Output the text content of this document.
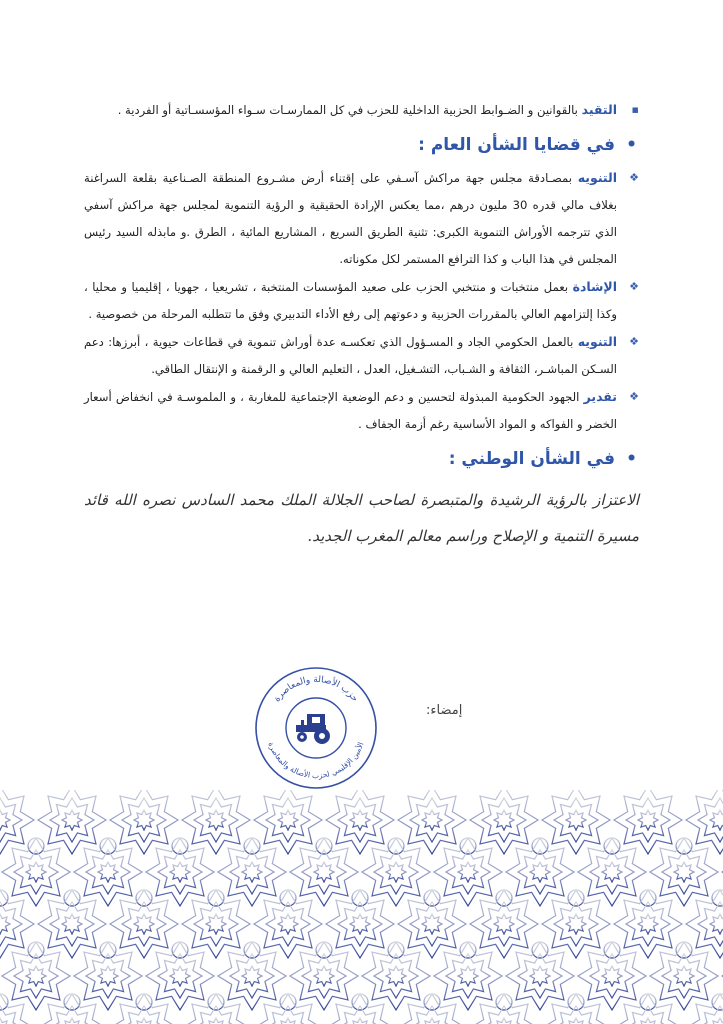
▪
التقيد بالقوانين و الضـوابط الحزبية الداخلية للحزب في كل الممارسـات سـواء المؤسسـاتية أو الفردية .

•
في قضايا الشأن العام :

❖
التنويه بمصـادقة مجلس جهة مراكش آسـفي على إقتناء أرض مشـروع المنطقة الصـناعية بقلعة السراغنة بغلاف مالي قدره 30 مليون درهم ،مما يعكس الإرادة الحقيقية و الرؤية التنموية لمجلس جهة مراكش آسفي الذي تترجمه الأوراش التنموية الكبرى: تثنية الطريق السريع ، المشاريع المائية ، الطرق .و مابذله السيد رئيس المجلس في هذا الباب و كذا الترافع المستمر لكل مكوناته.

❖
الإشادة بعمل منتخبات و منتخبي الحزب على صعيد المؤسسات المنتخبة ، تشريعيا ، جهويا ، إقليميا و محليا ، وكذا إلتزامهم العالي بالمقررات الحزبية و دعوتهم إلى رفع الأداء التدبيري وفق ما تتطلبه المرحلة من خصوصية .

❖
التنويه بالعمل الحكومي الجاد و المسـؤول الذي تعكسـه عدة أوراش تنموية في قطاعات حيوية ، أبرزها: دعم السـكن المباشـر، الثقافة و الشـباب، التشـغيل، العدل ، التعليم العالي و الرقمنة و الإنتقال الطاقي.

❖
تقدير الجهود الحكومية المبذولة لتحسين و دعم الوضعية الإجتماعية للمغاربة ، و الملموسـة في انخفاض أسعار الخضر و الفواكه و المواد الأساسية رغم أزمة الجفاف .

•
في الشأن الوطني :

الاعتزاز بالرؤية الرشيدة والمتبصرة لصاحب الجلالة الملك محمد السادس نصره الله قائد مسيرة التنمية و الإصلاح وراسم معالم المغرب الجديد.

إمضاء:
حزب الأصالة والمعاصرة
الأمين الإقليمي لحزب الأصالة والمعاصرة
